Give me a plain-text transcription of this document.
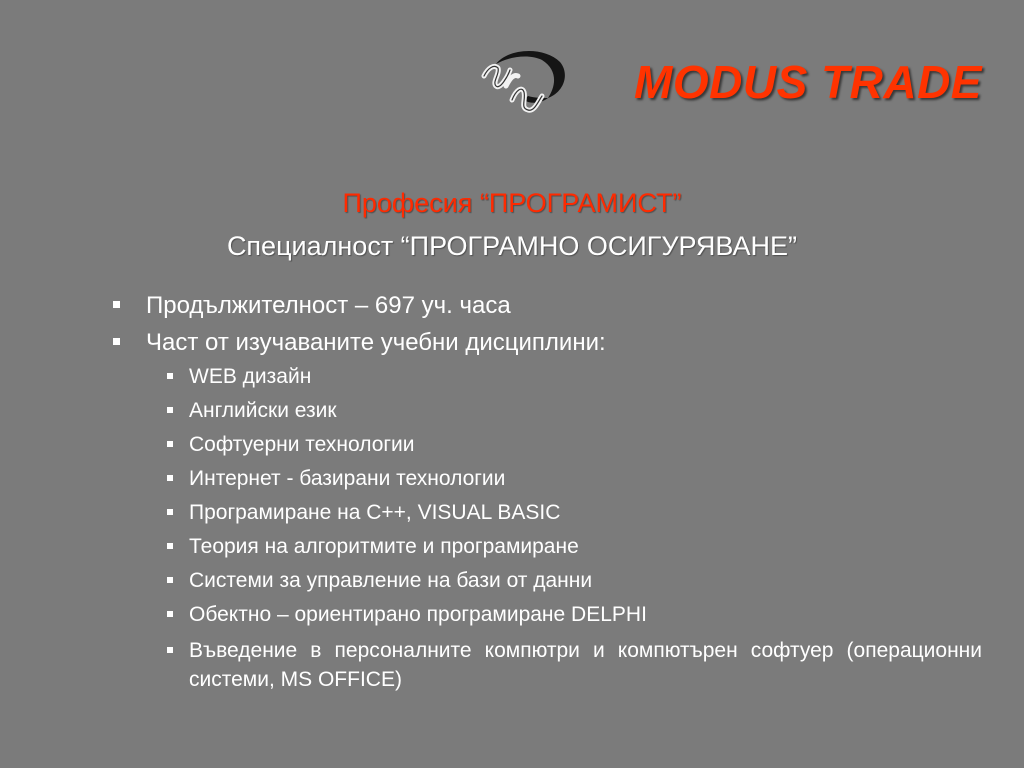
MODUS TRADE
Професия “ПРОГРАМИСТ”
Специалност “ПРОГРАМНО ОСИГУРЯВАНЕ”
Продължителност – 697 уч. часа
Част от изучаваните учебни дисциплини:
WEB дизайн
Английски език
Софтуерни технологии
Интернет - базирани технологии
Програмиране на C++, VISUAL BASIC
Теория на алгоритмите и програмиране
Системи за управление на бази от данни
Обектно – ориентирано програмиране DELPHI
Въведение в персоналните компютри и компютърен софтуер (операционни системи, MS OFFICE)
